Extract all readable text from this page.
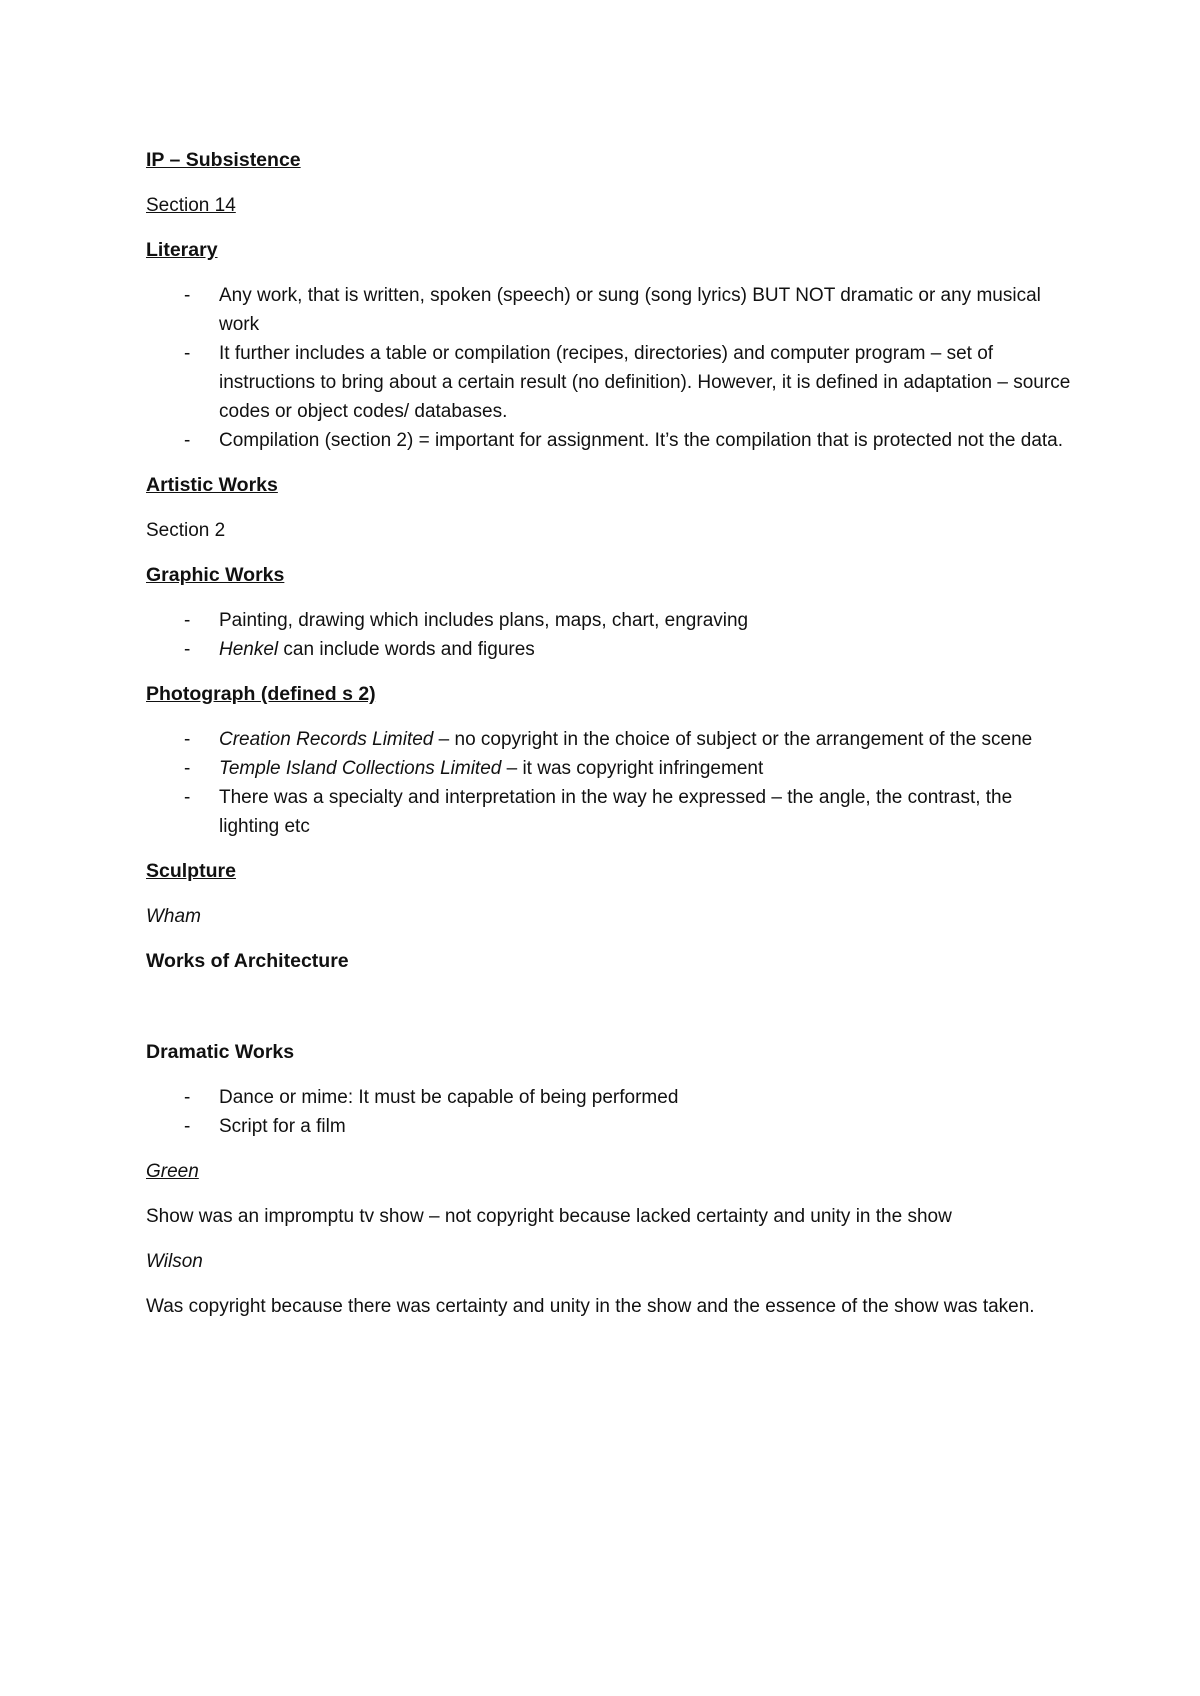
IP – Subsistence

Section 14

Literary

- Any work, that is written, spoken (speech) or sung (song lyrics) BUT NOT dramatic or any musical work
- It further includes a table or compilation (recipes, directories) and computer program – set of instructions to bring about a certain result (no definition). However, it is defined in adaptation – source codes or object codes/ databases.
- Compilation (section 2) = important for assignment. It’s the compilation that is protected not the data.

Artistic Works

Section 2

Graphic Works

- Painting, drawing which includes plans, maps, chart, engraving
- Henkel can include words and figures

Photograph (defined s 2)

- Creation Records Limited – no copyright in the choice of subject or the arrangement of the scene
- Temple Island Collections Limited – it was copyright infringement
- There was a specialty and interpretation in the way he expressed – the angle, the contrast, the lighting etc

Sculpture

Wham

Works of Architecture

Dramatic Works

- Dance or mime: It must be capable of being performed
- Script for a film

Green

Show was an impromptu tv show – not copyright because lacked certainty and unity in the show

Wilson

Was copyright because there was certainty and unity in the show and the essence of the show was taken.
